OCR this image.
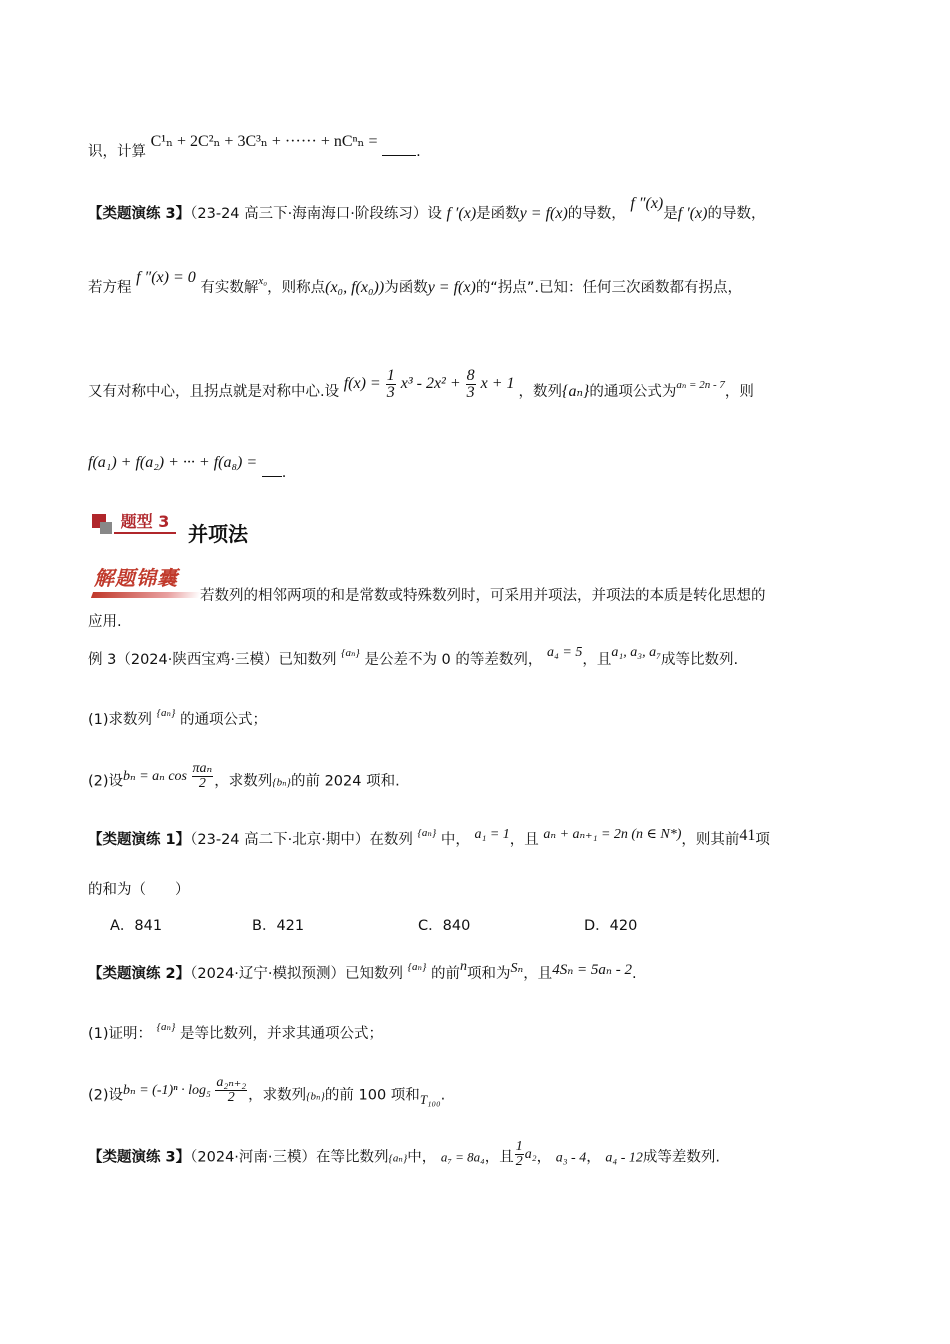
识，计算 C¹ₙ + 2C²ₙ + 3C³ₙ + ······ + nCⁿₙ = .
【类题演练 3】（23-24 高三下·海南海口·阶段练习）设 f ′(x)是函数y = f(x)的导数， f ″(x)是f ′(x)的导数，
若方程 f ″(x) = 0 有实数解$^{x_0}$，则称点(x₀, f(x₀))为函数y = f(x)的“拐点”.已知：任何三次函数都有拐点，
又有对称中心，且拐点就是对称中心.设 $f(x) = \frac{1}{3} x^3 - 2x^2 + \frac{8}{3}$ x + 1 ，数列{aₙ}的通项公式为$^{a_n = 2n - 7}$，则
f(a₁) + f(a₂) + ··· + f(a₈) = .
题型 3
并项法
解题锦囊
若数列的相邻两项的和是常数或特殊数列时，可采用并项法，并项法的本质是转化思想的
应用.
例 3（2024·陕西宝鸡·三模）已知数列 $^{\{a_n\}}$ 是公差不为 0 的等差数列， a₄ = 5，且a₁, a₃, a₇成等比数列.
(1)求数列 $^{\{a_n\}}$ 的通项公式；
(2)设bₙ = aₙ $\cos \frac{\text{πaₙ}}{2}$ ，求数列{bₙ}的前 2024 项和.
【类题演练 1】（23-24 高二下·北京·期中）在数列 $^{\{a_n\}}$ 中， a₁ = 1，且 aₙ + aₙ₊₁ = 2n (n ∈ N*)，则其前41项
的和为（　　）
A．841	B．421	C．840	D．420
【类题演练 2】（2024·辽宁·模拟预测）已知数列 $^{\{a_n\}}$ 的前n项和为Sₙ，且4Sₙ = 5aₙ - 2.
(1)证明： $^{\{a_n\}}$ 是等比数列，并求其通项公式；
(2)设$b_n = (-1)^n \cdot \log_5 \frac{\text{a₂ₙ₊₂}}{2}$ ，求数列{bₙ}的前 100 项和T₁₀₀.
【类题演练 3】（2024·河南·三模）在等比数列{aₙ}中， a₇ = 8a₄，且 $\frac{1}{2} a_2$， a₃ - 4， a₄ - 12成等差数列.
